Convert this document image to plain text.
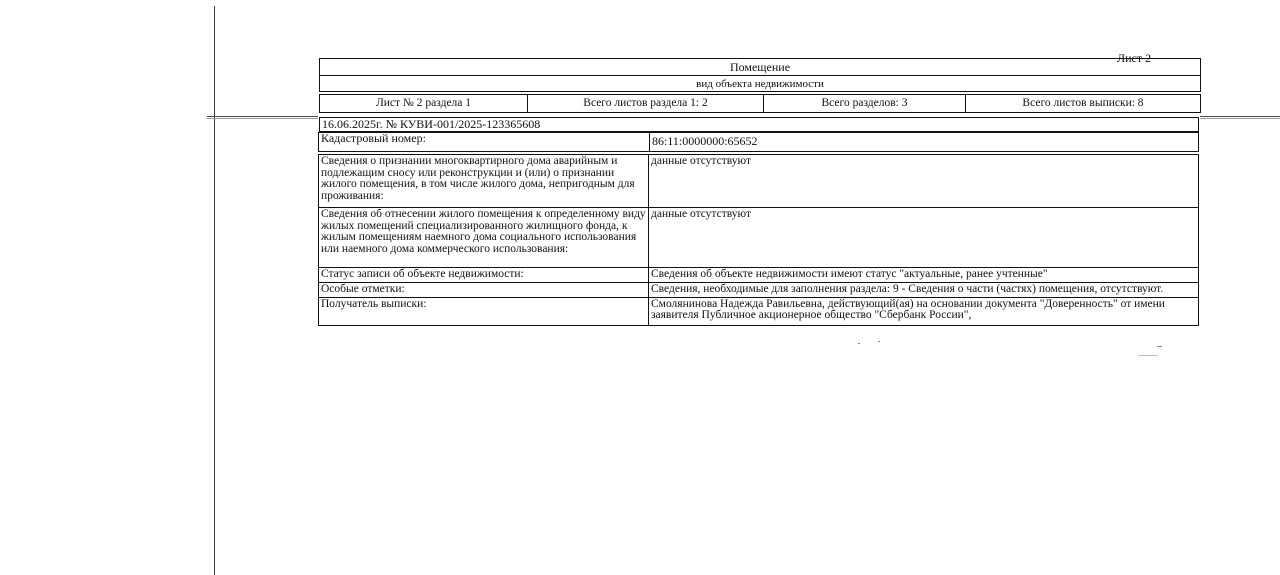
Лист 2
Помещение
вид объекта недвижимости
Лист № 2 раздела 1	Всего листов раздела 1: 2	Всего разделов: 3	Всего листов выписки: 8
16.06.2025г. № КУВИ-001/2025-123365608
Кадастровый номер:	86:11:0000000:65652
Сведения о признании многоквартирного дома аварийным и подлежащим сносу или реконструкции и (или) о признании жилого помещения, в том числе жилого дома, непригодным для проживания:	данные отсутствуют
Сведения об отнесении жилого помещения к определенному виду жилых помещений специализированного жилищного фонда, к жилым помещениям наемного дома социального использования или наемного дома коммерческого использования:	данные отсутствуют
Статус записи об объекте недвижимости:	Сведения об объекте недвижимости имеют статус "актуальные, ранее учтенные"
Особые отметки:	Сведения, необходимые для заполнения раздела: 9 - Сведения о части (частях) помещения, отсутствуют.
Получатель выписки:	Смолянинова Надежда Равильевна, действующий(ая) на основании документа "Доверенность" от имени заявителя Публичное акционерное общество "Сбербанк России",
